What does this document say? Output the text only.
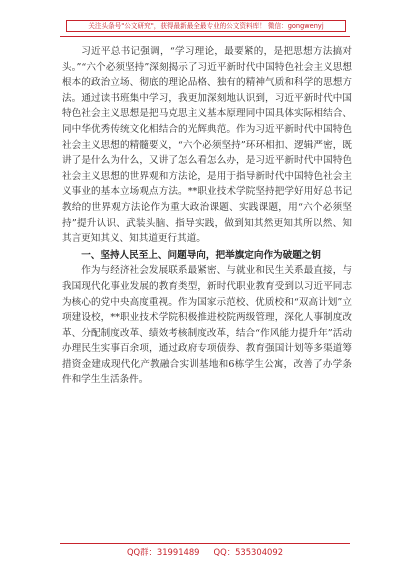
关注头条号"公文研究"，获得最新最全最专业的公文资料库！ 微信：gongwenyj

习近平总书记强调，“学习理论，最要紧的，是把思想方法搞对头。”“六个必须坚持”深刻揭示了习近平新时代中国特色社会主义思想根本的政治立场、彻底的理论品格、独有的精神气质和科学的思想方法。通过读书班集中学习，我更加深刻地认识到，习近平新时代中国特色社会主义思想是把马克思主义基本原理同中国具体实际相结合、同中华优秀传统文化相结合的光辉典范。作为习近平新时代中国特色社会主义思想的精髓要义，“六个必须坚持”环环相扣、逻辑严密，既讲了是什么为什么，又讲了怎么看怎么办，是习近平新时代中国特色社会主义思想的世界观和方法论，是用于指导新时代中国特色社会主义事业的基本立场观点方法。**职业技术学院坚持把学好用好总书记教给的世界观方法论作为重大政治课题、实践课题，用“六个必须坚持”提升认识、武装头脑、指导实践，做到知其然更知其所以然、知其言更知其义、知其道更行其道。

一、坚持人民至上、问题导向，把举旗定向作为破题之钥

作为与经济社会发展联系最紧密、与就业和民生关系最直接，与我国现代化事业发展的教育类型，新时代职业教育受到以习近平同志为核心的党中央高度重视。作为国家示范校、优质校和“双高计划”立项建设校，**职业技术学院积极推进校院两级管理，深化人事制度改革、分配制度改革、绩效考核制度改革，结合“作风能力提升年”活动办理民生实事百余项，通过政府专项债券、教育强国计划等多渠道筹措资金建成现代化产教融合实训基地和6栋学生公寓，改善了办学条件和学生生活条件。

QQ群：31991489 QQ：535304092
